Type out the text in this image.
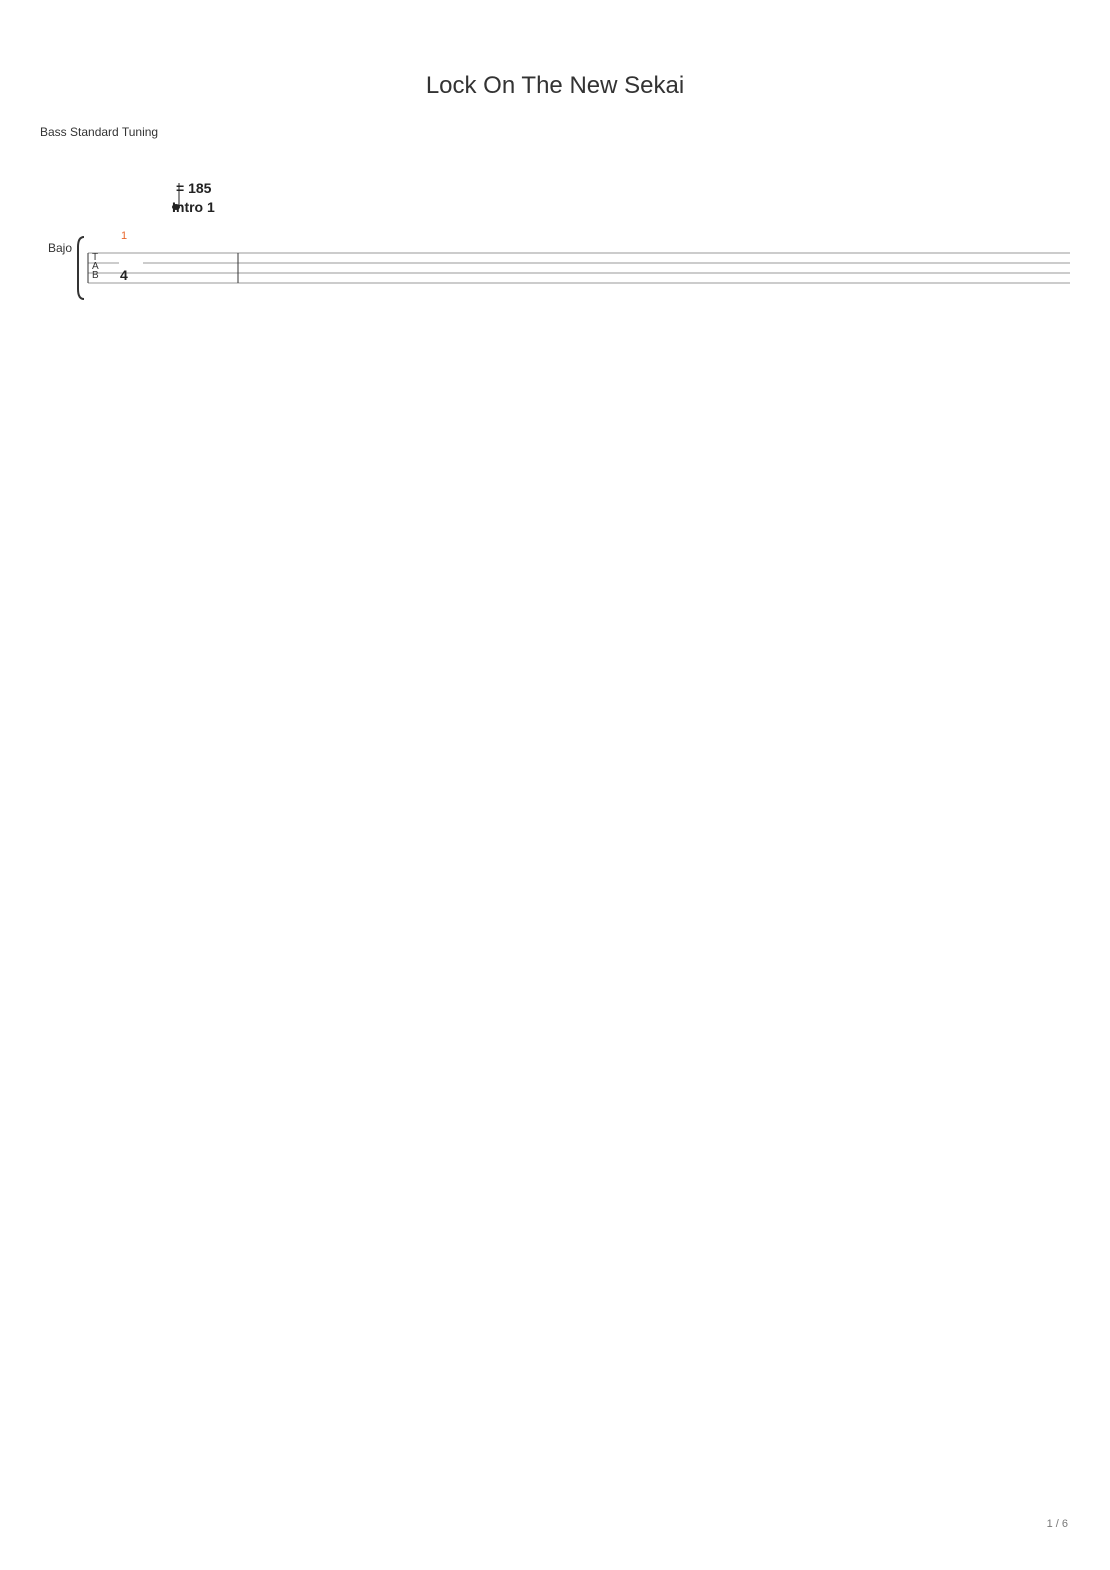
Lock On The New Sekai
Bass Standard Tuning
= 185
1 / 6
T
A
B
Bajo
4
Intro 1
1
